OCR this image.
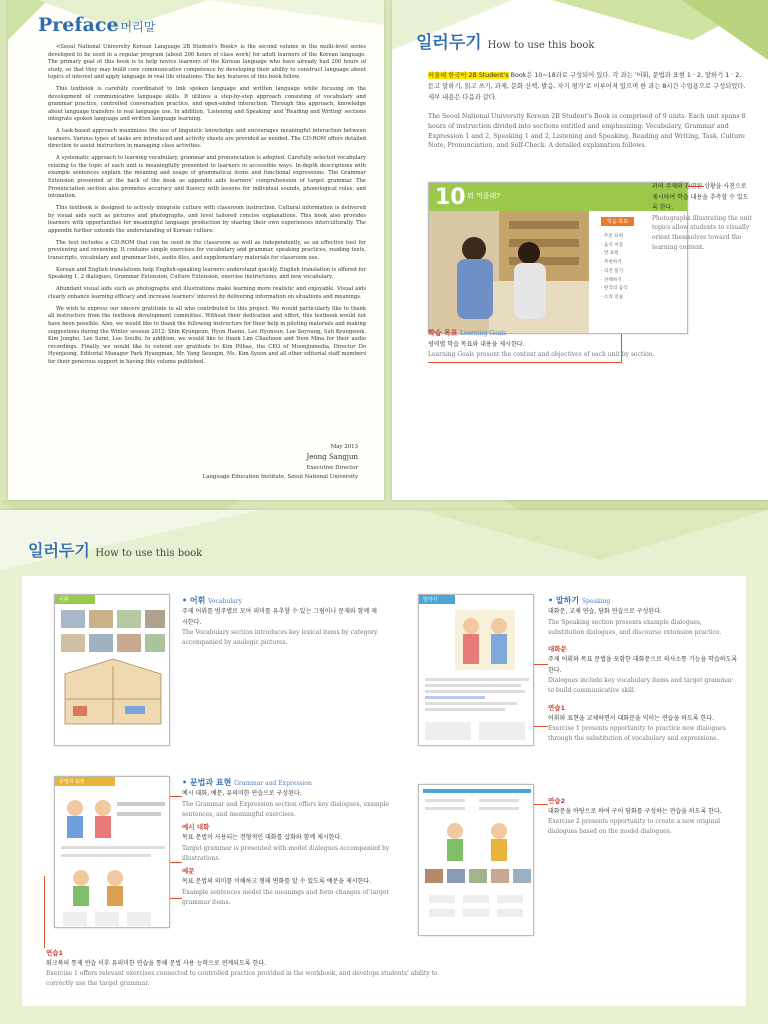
Preface 머리말

<Seoul National University Korean Language 2B Student's Book> is the second volume in the multi-level series developed to be used in a regular program (about 200 hours of class work) for adult learners of the Korean language. The primary goal of this book is to help novice learners of the Korean language who have already had 200 hours of study, so that they may build core communicative competence by developing their ability to construct language about topics of interest and apply language in real life situations. The key features of this book follow.

This textbook is carefully coordinated to link spoken language and written language while focusing on the development of communicative language skills. It utilizes a step-by-step approach consisting of vocabulary and grammar practice, controlled conversation practice, and open-ended interaction. Through this approach, knowledge about language transfers to real language use. In addition, 'Listening and Speaking' and 'Reading and Writing' sections integrate spoken language and written language learning.

A task-based approach maximizes the use of linguistic knowledge and encourages meaningful interaction between learners. Various types of tasks are introduced and activity sheets are provided as needed. The CD-ROM offers detailed direction to assist instructors in managing class activities.

A systematic approach to learning vocabulary, grammar and pronunciation is adopted. Carefully selected vocabulary relating to the topic of each unit is meaningfully presented to learners in accessible ways. In-depth descriptions with example sentences explain the meaning and usage of grammatical items and functional expressions. The Grammar Extension presented at the back of the book as appendix aids learners' comprehension of target grammar. The Pronunciation section also promotes accuracy and fluency with lessons for individual sounds, phonological rules, and intonation.

This textbook is designed to actively integrate culture with classroom instruction. Cultural information is delivered by visual aids such as pictures and photographs, and level tailored concise explanations. This book also provides learners with opportunities for meaningful language production by sharing their own experiences interculturally. The appendix further extends the understanding of Korean culture.

The text includes a CD-ROM that can be used in the classroom as well as independently, as an effective tool for previewing and reviewing. It contains simple exercises for vocabulary and grammar, speaking practices, reading texts, transcripts, vocabulary and grammar lists, audio files, and supplementary materials for classroom use.

Korean and English translations help English-speaking learners understand quickly. English translation is offered for Speaking 1, 2 dialogues, Grammar Extension, Culture Extension, exercise instructions, and new vocabulary.

Abundant visual aids such as photographs and illustrations make learning more realistic and enjoyable. Visual aids clearly enhance learning efficacy and increase learners' interest by delivering information on situations and meanings.

We wish to express our sincere gratitude to all who contributed to this project. We would particularly like to thank all instructors from the textbook development committee. Without their dedication and effort, this textbook would not have been possible. Also, we would like to thank the following instructors for their help in piloting materials and making suggestions during the Winter session 2012: Shin Kyungeun, Hyun Haemi, Lee Hyunsun, Lee Soyoung, Suh Kyungsook, Kim Jongho, Lee Sumi, Lee Soulbi. In addition, we would like to thank Lim Chaehoon and Yoon Mina for their audio recordings. Finally, we would like to extend our gratitude to Kim Pilhae, the CEO of Moonjinmedia, Director Do Hyunjeong, Editorial Manager Park Hyangman, Mr. Yang Seungin, Ms. Kim Syeon and all other editorial staff members for their generous support in having this volume published.

May 2013
Jeong Sangjun
Executive Director
Language Education Institute, Seoul National University
일러두기 How to use this book
서울대 한국어 2B Student's Book은 10~18과로 구성되어 있다. 각 과는 '어휘, 문법과 표현 1 · 2, 말하기 1 · 2, 듣고 말하기, 읽고 쓰기, 과제, 문화 산책, 발음, 자기 평가'로 이루어져 있으며 한 과는 8시간 수업용으로 구성되었다. 세부 내용은 다음과 같다.
The Seoul National University Korean 2B Student's Book is comprised of 9 units. Each unit spans 8 hours of instruction divided into sections entitled and emphasizing: Vocabulary, Grammar and Expression 1 and 2, Speaking 1 and 2, Listening and Speaking, Reading and Writing, Task, Culture Note, Pronunciation, and Self-Check. A detailed explanation follows.
10 뭐 먹을래?
학습 목표
· 주문 표현
· 음식 이름
· 맛 표현
· 추천하기
· 의견 묻기
· 선택하기
· 한국의 음식
· 소리 연습
과의 주제와 관련된 상황을 사진으로 제시하여 학습 내용을 추측할 수 있도록 한다.
Photographs illustrating the unit topics allow students to visually orient themselves toward the learning content.
학습 목표 Learning Goals
영역별 학습 목표와 내용을 제시한다.
Learning Goals present the content and objectives of each unit by section.
일러두기 How to use this book
어휘	• 어휘 Vocabulary
주제 어휘를 범주별로 모아 의미를 유추할 수 있는 그림이나 문제와 함께 제시한다.
The Vocabulary section introduces key lexical items by category accompanied by analogic pictures.
문법과 표현	• 문법과 표현 Grammar and Expression
예시 대화, 예문, 유의미한 연습으로 구성된다.
The Grammar and Expression section offers key dialogues, example sentences, and meaningful exercises.
예시 대화
목표 문법이 사용되는 전형적인 대화를 삽화와 함께 제시한다.
Target grammar is presented with model dialogues accompanied by illustrations.
예문
목표 문법의 의미를 이해하고 형태 변화를 알 수 있도록 예문을 제시한다.
Example sentences model the meanings and form changes of target grammar items.
연습1
워크북의 통제 연습 이후 유의미한 연습을 통해 문법 사용 능력으로 연계되도록 한다.
Exercise 1 offers relevant exercises connected to controlled practice provided in the workbook, and develops students' ability to correctly use the target grammar.
말하기	• 말하기 Speaking
대화문, 교체 연습, 담화 연습으로 구성된다.
The Speaking section presents example dialogues, substitution dialogues, and discourse extension practice.
대화문
주제 어휘와 목표 문법을 포함한 대화문으로 의사소통 기능을 학습하도록 한다.
Dialogues include key vocabulary items and target grammar to build communicative skill.
연습1
어휘와 표현을 교체하면서 대화문을 익히는 연습을 하도록 한다.
Exercise 1 presents opportunity to practice new dialogues through the substitution of vocabulary and expressions.
연습2
대화문을 바탕으로 하여 구어 담화를 구성하는 연습을 하도록 한다.
Exercise 2 presents opportunity to create a new original dialogues based on the model dialogues.
